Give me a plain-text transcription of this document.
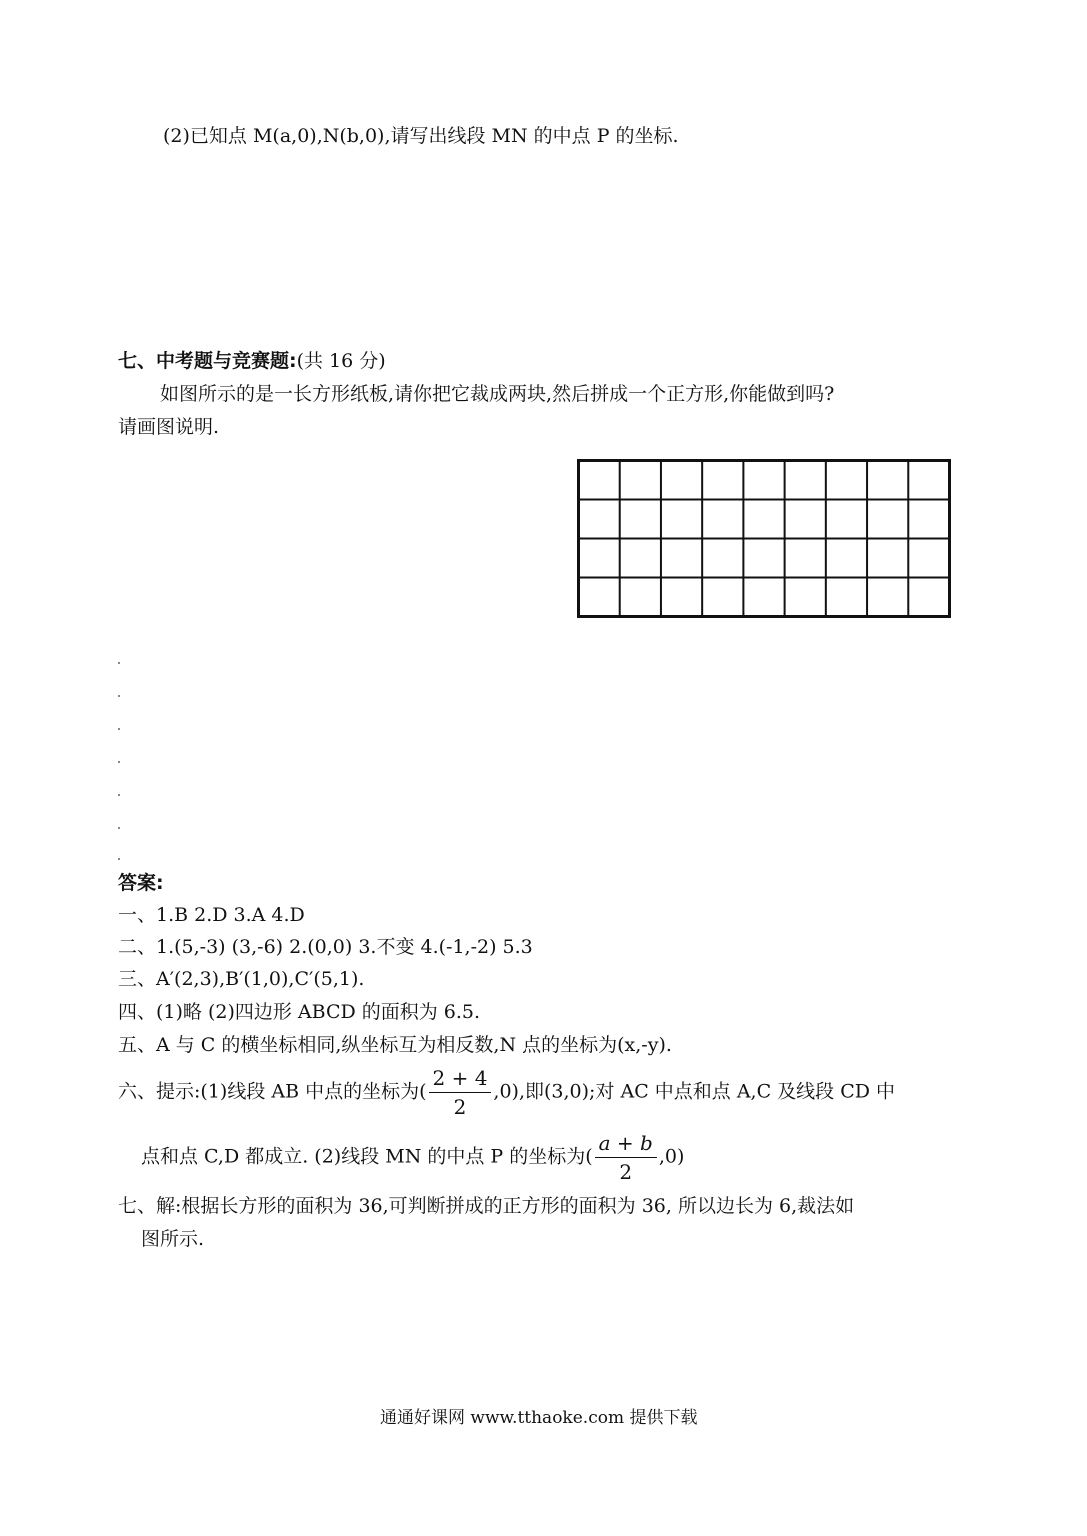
(2)已知点 M(a,0),N(b,0),请写出线段 MN 的中点 P 的坐标.
七、中考题与竞赛题:(共 16 分)
如图所示的是一长方形纸板,请你把它裁成两块,然后拼成一个正方形,你能做到吗?
请画图说明.
答案:
一、1.B 2.D 3.A 4.D
二、1.(5,-3) (3,-6) 2.(0,0) 3.不变 4.(-1,-2) 5.3
三、A′(2,3),B′(1,0),C′(5,1).
四、(1)略 (2)四边形 ABCD 的面积为 6.5.
五、A 与 C 的横坐标相同,纵坐标互为相反数,N 点的坐标为(x,-y).
六、提示:(1)线段 AB 中点的坐标为( $\frac{2 + 4}{2} ,0$),即(3,0);对 AC 中点和点 A,C 及线段 CD 中
点和点 C,D 都成立. (2)线段 MN 的中点 P 的坐标为( $\frac{a + b}{2} ,0$)
七、解:根据长方形的面积为 36,可判断拼成的正方形的面积为 36, 所以边长为 6,裁法如
图所示.
通通好课网 www.tthaoke.com 提供下载
